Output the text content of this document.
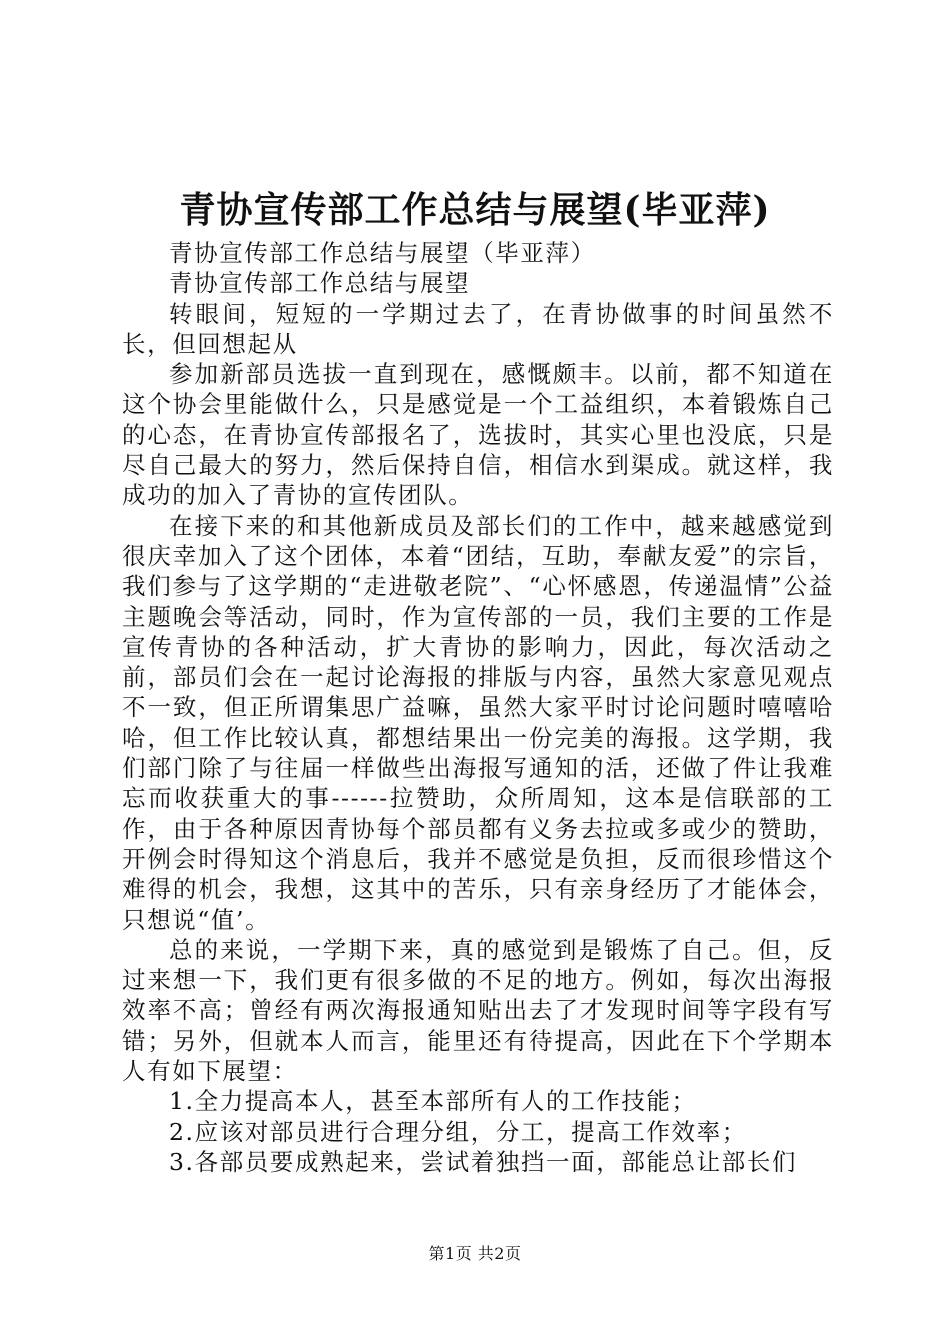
青协宣传部工作总结与展望(毕亚萍)

青协宣传部工作总结与展望（毕亚萍）

青协宣传部工作总结与展望

转眼间，短短的一学期过去了，在青协做事的时间虽然不长，但回想起从

参加新部员选拔一直到现在，感慨颇丰。以前，都不知道在这个协会里能做什么，只是感觉是一个工益组织，本着锻炼自己的心态，在青协宣传部报名了，选拔时，其实心里也没底，只是尽自己最大的努力，然后保持自信，相信水到渠成。就这样，我成功的加入了青协的宣传团队。

在接下来的和其他新成员及部长们的工作中，越来越感觉到很庆幸加入了这个团体，本着“团结，互助，奉献友爱”的宗旨，我们参与了这学期的“走进敬老院”、“心怀感恩，传递温情”公益主题晚会等活动，同时，作为宣传部的一员，我们主要的工作是宣传青协的各种活动，扩大青协的影响力，因此，每次活动之前，部员们会在一起讨论海报的排版与内容，虽然大家意见观点不一致，但正所谓集思广益嘛，虽然大家平时讨论问题时嘻嘻哈哈，但工作比较认真，都想结果出一份完美的海报。这学期，我们部门除了与往届一样做些出海报写通知的活，还做了件让我难忘而收获重大的事------拉赞助，众所周知，这本是信联部的工作，由于各种原因青协每个部员都有义务去拉或多或少的赞助，开例会时得知这个消息后，我并不感觉是负担，反而很珍惜这个难得的机会，我想，这其中的苦乐，只有亲身经历了才能体会，只想说“值’。

总的来说，一学期下来，真的感觉到是锻炼了自己。但，反过来想一下，我们更有很多做的不足的地方。例如，每次出海报效率不高；曾经有两次海报通知贴出去了才发现时间等字段有写错；另外，但就本人而言，能里还有待提高，因此在下个学期本人有如下展望：

1.全力提高本人，甚至本部所有人的工作技能；

2.应该对部员进行合理分组，分工，提高工作效率；

3.各部员要成熟起来，尝试着独挡一面，部能总让部长们

第1页 共2页
